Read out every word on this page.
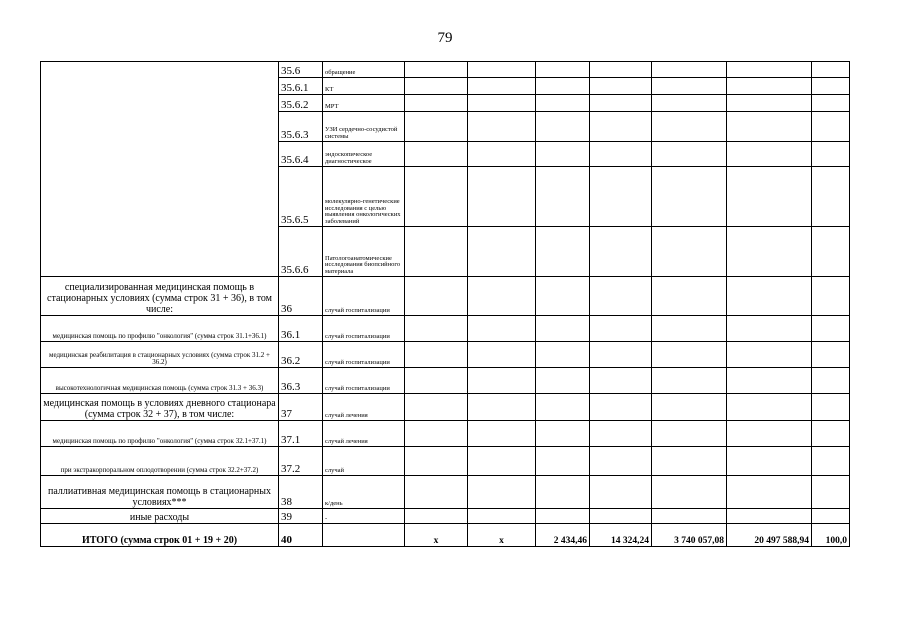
79
	35.6	обращение							
	35.6.1	КТ							
	35.6.2	МРТ							
	35.6.3	УЗИ сердечно-сосудистой системы							
	35.6.4	эндоскопическое диагностическое							
	35.6.5	молекулярно-генетические исследования с целью выявления онкологических заболеваний							
	35.6.6	Патологоанатомические исследования биопсийного материала							
специализированная медицинская помощь в стационарных условиях (сумма строк 31 + 36), в том числе:	36	случай госпитализации							
медицинская помощь по профилю "онкология" (сумма строк 31.1+36.1)	36.1	случай госпитализации							
медицинская реабилитация в стационарных условиях (сумма строк 31.2 + 36.2)	36.2	случай госпитализации							
высокотехнологичная медицинская помощь (сумма строк 31.3 + 36.3)	36.3	случай госпитализации							
медицинская помощь в условиях дневного стационара (сумма строк 32 + 37), в том числе:	37	случай лечения							
медицинская помощь по профилю "онкология" (сумма строк 32.1+37.1)	37.1	случай лечения							
при экстракорпоральном оплодотворении (сумма строк 32.2+37.2)	37.2	случай							
паллиативная медицинская помощь в стационарных условиях***	38	к/день							
иные расходы	39	-							
ИТОГО (сумма строк 01 + 19 + 20)	40		х	х	2 434,46	14 324,24	3 740 057,08	20 497 588,94	100,0
